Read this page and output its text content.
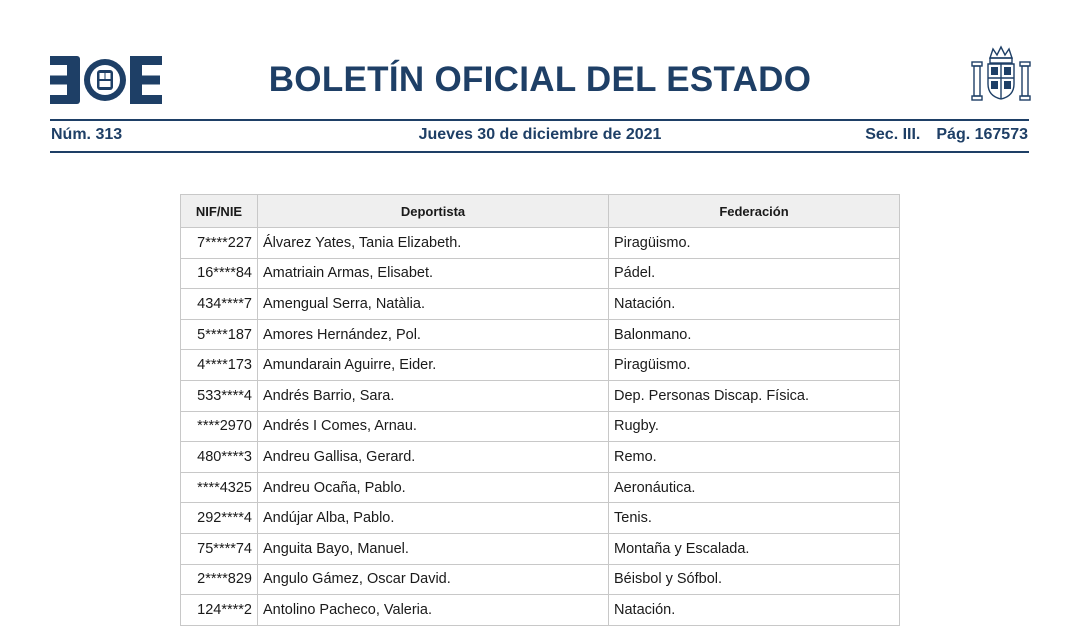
BOLETÍN OFICIAL DEL ESTADO
Núm. 313	Jueves 30 de diciembre de 2021	Sec. III. Pág. 167573
NIF/NIE	Deportista	Federación
7****227	Álvarez Yates, Tania Elizabeth.	Piragüismo.
16****84	Amatriain Armas, Elisabet.	Pádel.
434****7	Amengual Serra, Natàlia.	Natación.
5****187	Amores Hernández, Pol.	Balonmano.
4****173	Amundarain Aguirre, Eider.	Piragüismo.
533****4	Andrés Barrio, Sara.	Dep. Personas Discap. Física.
****2970	Andrés I Comes, Arnau.	Rugby.
480****3	Andreu Gallisa, Gerard.	Remo.
****4325	Andreu Ocaña, Pablo.	Aeronáutica.
292****4	Andújar Alba, Pablo.	Tenis.
75****74	Anguita Bayo, Manuel.	Montaña y Escalada.
2****829	Angulo Gámez, Oscar David.	Béisbol y Sófbol.
124****2	Antolino Pacheco, Valeria.	Natación.
